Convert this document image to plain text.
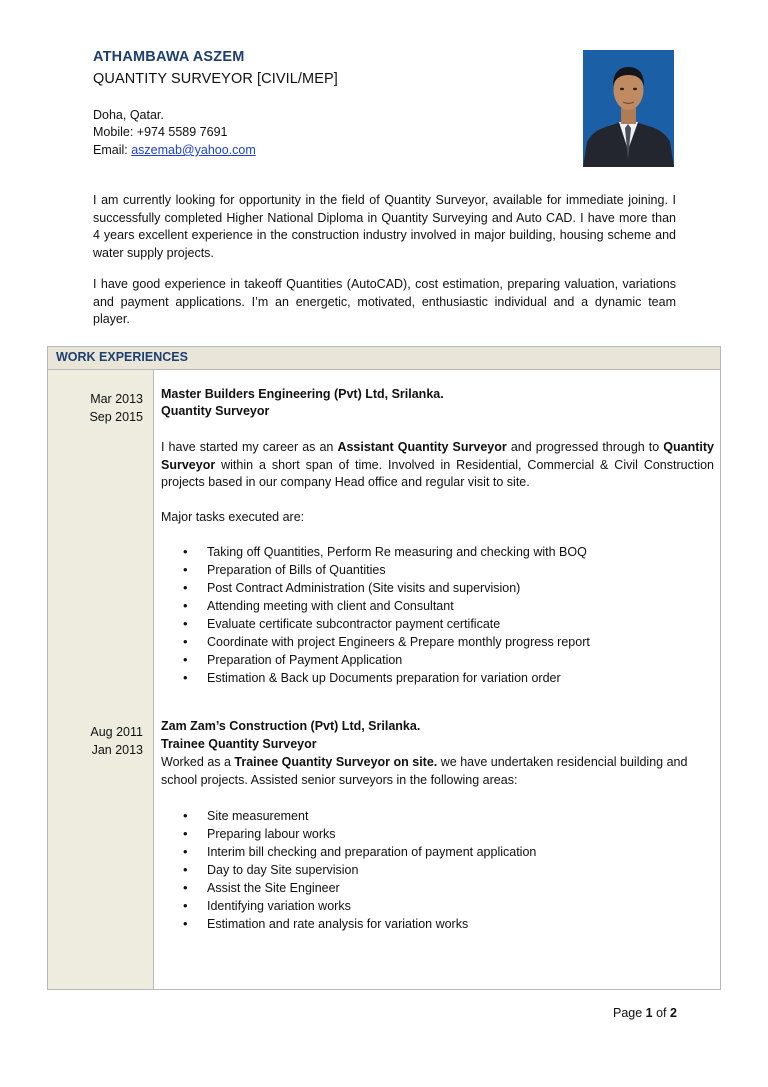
ATHAMBAWA ASZEM
QUANTITY SURVEYOR [CIVIL/MEP]
Doha, Qatar.
Mobile: +974 5589 7691
Email: aszemab@yahoo.com

I am currently looking for opportunity in the field of Quantity Surveyor, available for immediate joining. I successfully completed Higher National Diploma in Quantity Surveying and Auto CAD. I have more than 4 years excellent experience in the construction industry involved in major building, housing scheme and water supply projects.

I have good experience in takeoff Quantities (AutoCAD), cost estimation, preparing valuation, variations and payment applications. I’m an energetic, motivated, enthusiastic individual and a dynamic team player.

WORK EXPERIENCES
Mar 2013
Sep 2015
Aug 2011
Jan 2013
Master Builders Engineering (Pvt) Ltd, Srilanka.
Quantity Surveyor

I have started my career as an Assistant Quantity Surveyor and progressed through to Quantity Surveyor within a short span of time. Involved in Residential, Commercial & Civil Construction projects based in our company Head office and regular visit to site.

Major tasks executed are:
• Taking off Quantities, Perform Re measuring and checking with BOQ
• Preparation of Bills of Quantities
• Post Contract Administration (Site visits and supervision)
• Attending meeting with client and Consultant
• Evaluate certificate subcontractor payment certificate
• Coordinate with project Engineers & Prepare monthly progress report
• Preparation of Payment Application
• Estimation & Back up Documents preparation for variation order
Zam Zam’s Construction (Pvt) Ltd, Srilanka.
Trainee Quantity Surveyor

Worked as a Trainee Quantity Surveyor on site. we have undertaken residencial building and school projects. Assisted senior surveyors in the following areas:

• Site measurement
• Preparing labour works
• Interim bill checking and preparation of payment application
• Day to day Site supervision
• Assist the Site Engineer
• Identifying variation works
• Estimation and rate analysis for variation works
Page 1 of 2
